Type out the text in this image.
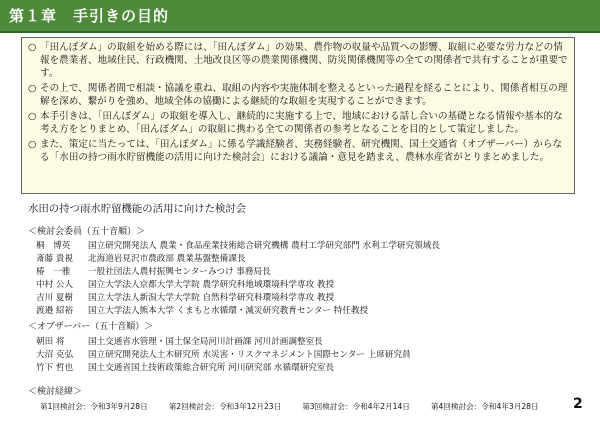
第１章　手引きの目的
○ 「田んぼダム」の取組を始める際には、「田んぼダム」の効果、農作物の収量や品質への影響、取組に必要な労力などの情報を農業者、地域住民、行政機関、土地改良区等の農業関係機関、防災関係機関等の全ての関係者で共有することが重要です。
○ その上で、関係者間で相談・協議を重ね、取組の内容や実施体制を整えるといった過程を経ることにより、関係者相互の理解を深め、繋がりを強め、地域全体の協働による継続的な取組を実現することができます。
○ 本手引きは、「田んぼダム」の取組を導入し、継続的に実施する上で、地域における話し合いの基礎となる情報や基本的な考え方をとりまとめ、「田んぼダム」の取組に携わる全ての関係者の参考となることを目的として策定しました。
○ また、策定に当たっては、「田んぼダム」に係る学識経験者、実務経験者、研究機関、国土交通省（オブザーバー）からなる「水田の持つ雨水貯留機能の活用に向けた検討会」における議論・意見を踏まえ、農林水産省がとりまとめました。
水田の持つ雨水貯留機能の活用に向けた検討会
＜検討会委員（五十音順）＞
桐　博英 国立研究開発法人 農業・食品産業技術総合研究機構 農村工学研究部門 水利工学研究領域長
斎藤 貴視 北海道岩見沢市農政部 農業基盤整備課長
椿　一雅 一般社団法人農村振興センターみつけ 事務局長
中村 公人 国立大学法人京都大学大学院 農学研究科地域環境科学専攻 教授
吉川 夏樹 国立大学法人新潟大学大学院 自然科学研究科環境科学専攻 教授
渡邉 紹裕 国立大学法人熊本大学 くまもと水循環・減災研究教育センター 特任教授
＜オブザーバー（五十音順）＞
朝田 将	国土交通省水管理・国土保全局河川計画課 河川計画調整室長
大沼 克弘 国立研究開発法人土木研究所 水災害・リスクマネジメント国際センター 上席研究員
竹下 哲也 国土交通省国土技術政策総合研究所 河川研究部 水循環研究室長
＜検討経緯＞
第1回検討会：令和3年9月28日	第2回検討会：令和3年12月23日	第3回検討会：令和4年2月14日	第4回検討会：令和4年3月28日 2
